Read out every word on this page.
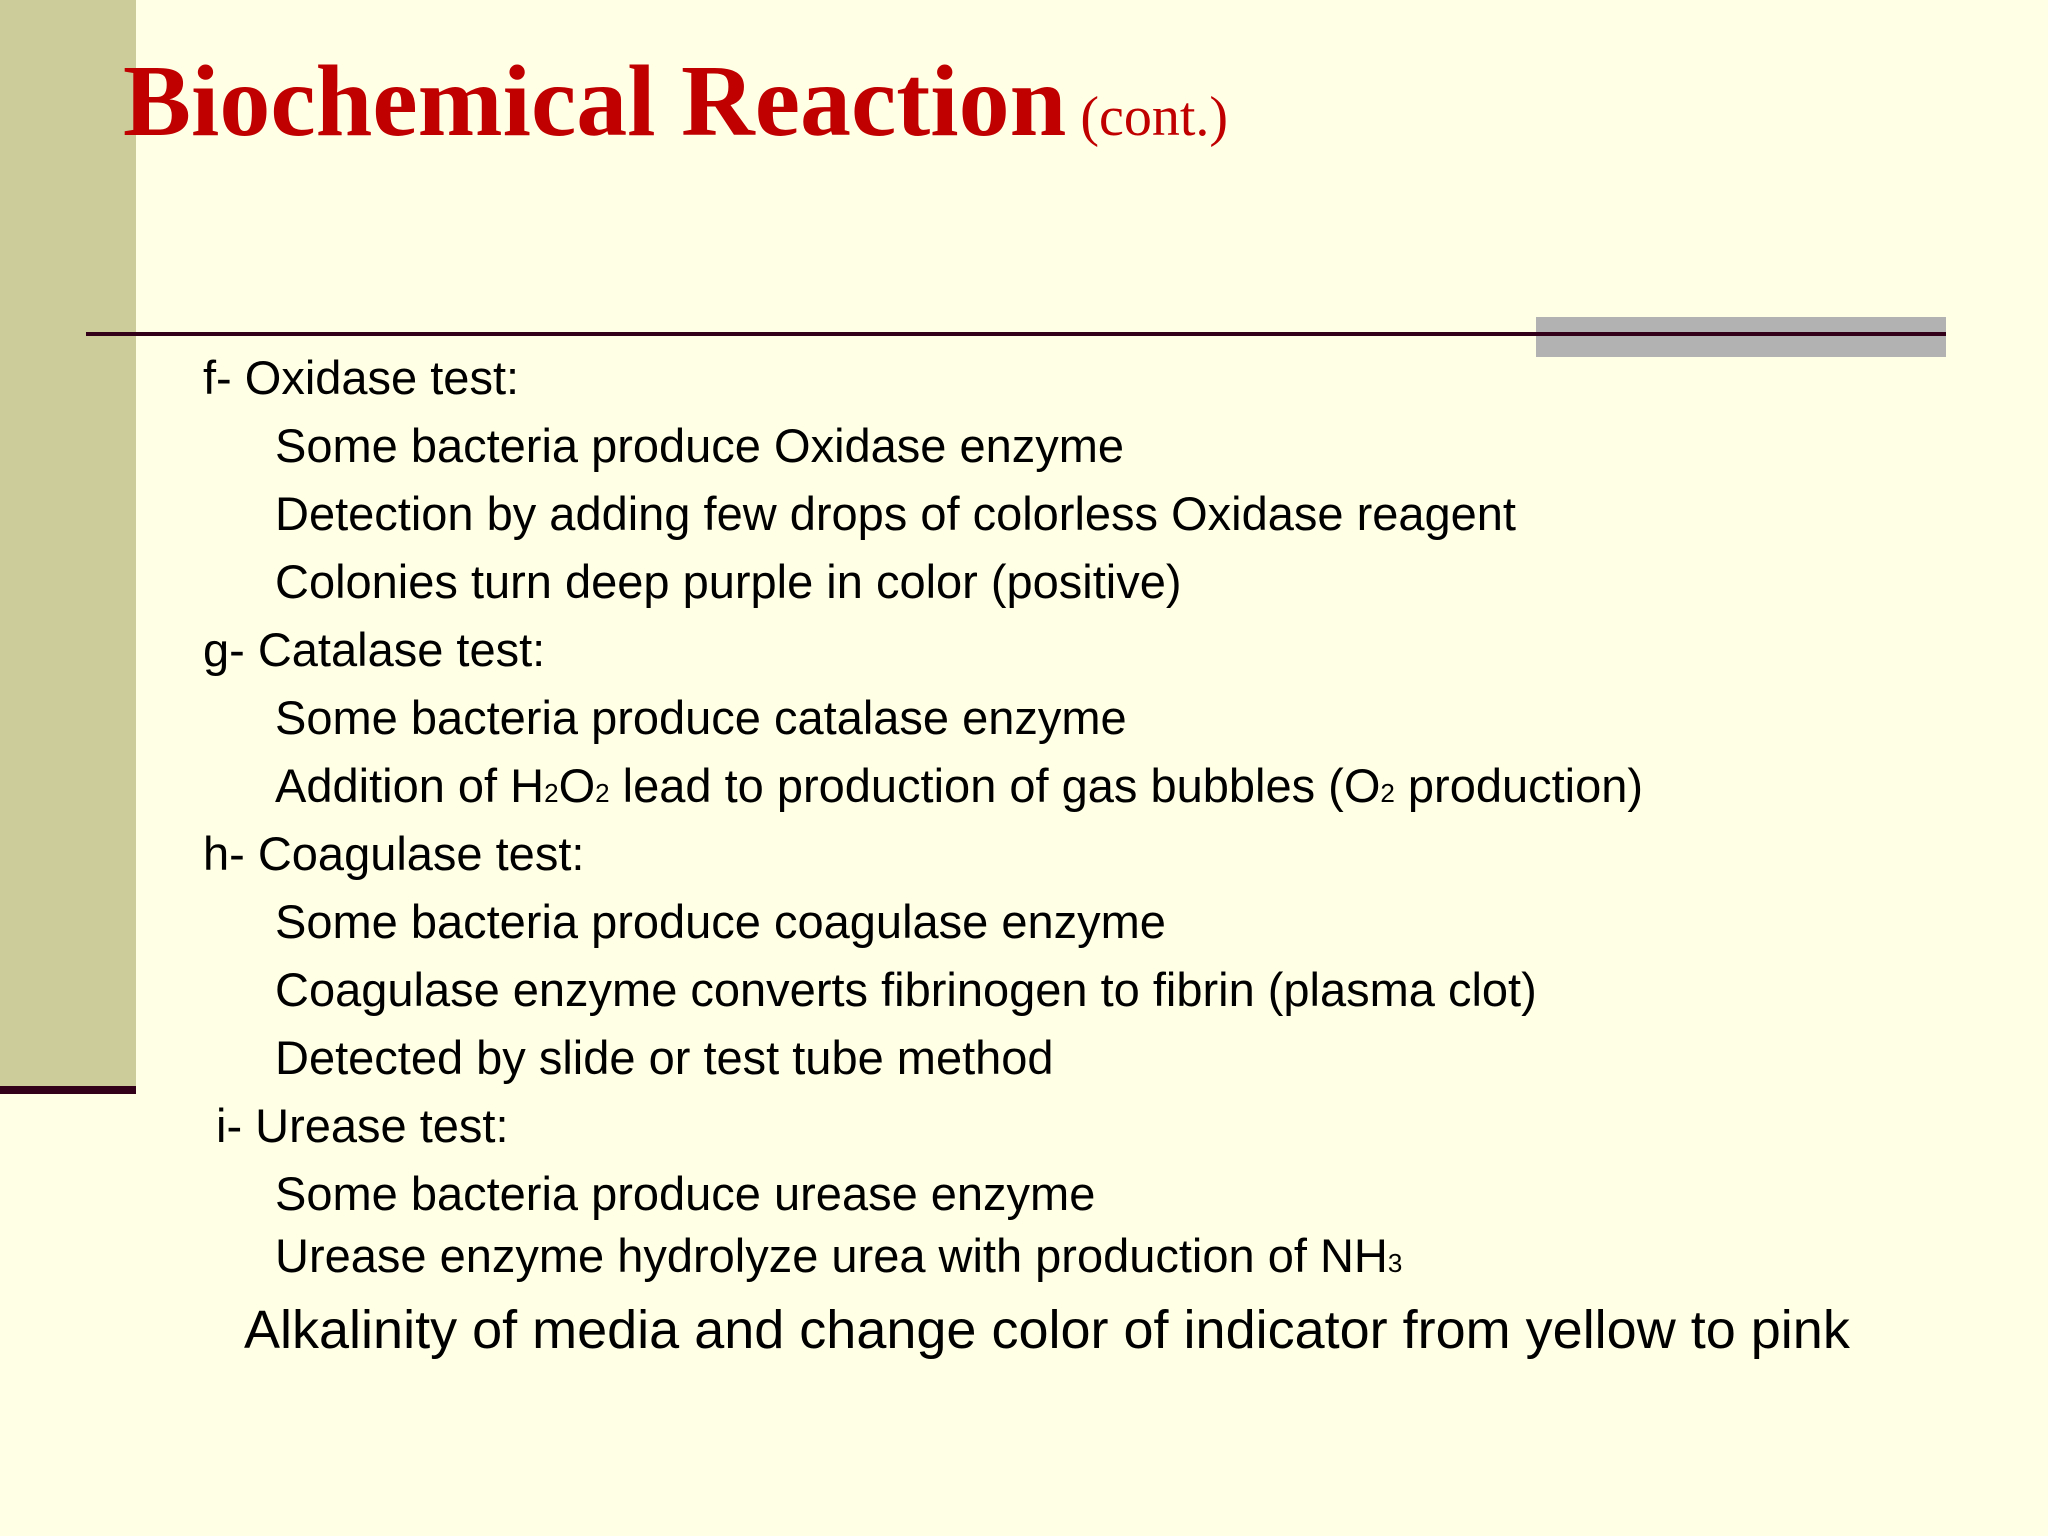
Biochemical Reaction (cont.)
f- Oxidase test:
Some bacteria produce Oxidase enzyme
Detection by adding few drops of colorless Oxidase reagent
Colonies turn deep purple in color (positive)
g- Catalase test:
Some bacteria produce catalase enzyme
Addition of H2O2 lead to production of gas bubbles (O2 production)
h- Coagulase test:
Some bacteria produce coagulase enzyme
Coagulase enzyme converts fibrinogen to fibrin (plasma clot)
Detected by slide or test tube method
i- Urease test:
Some bacteria produce urease enzyme
Urease enzyme hydrolyze urea with production of NH3
Alkalinity of media and change color of indicator from yellow to pink
